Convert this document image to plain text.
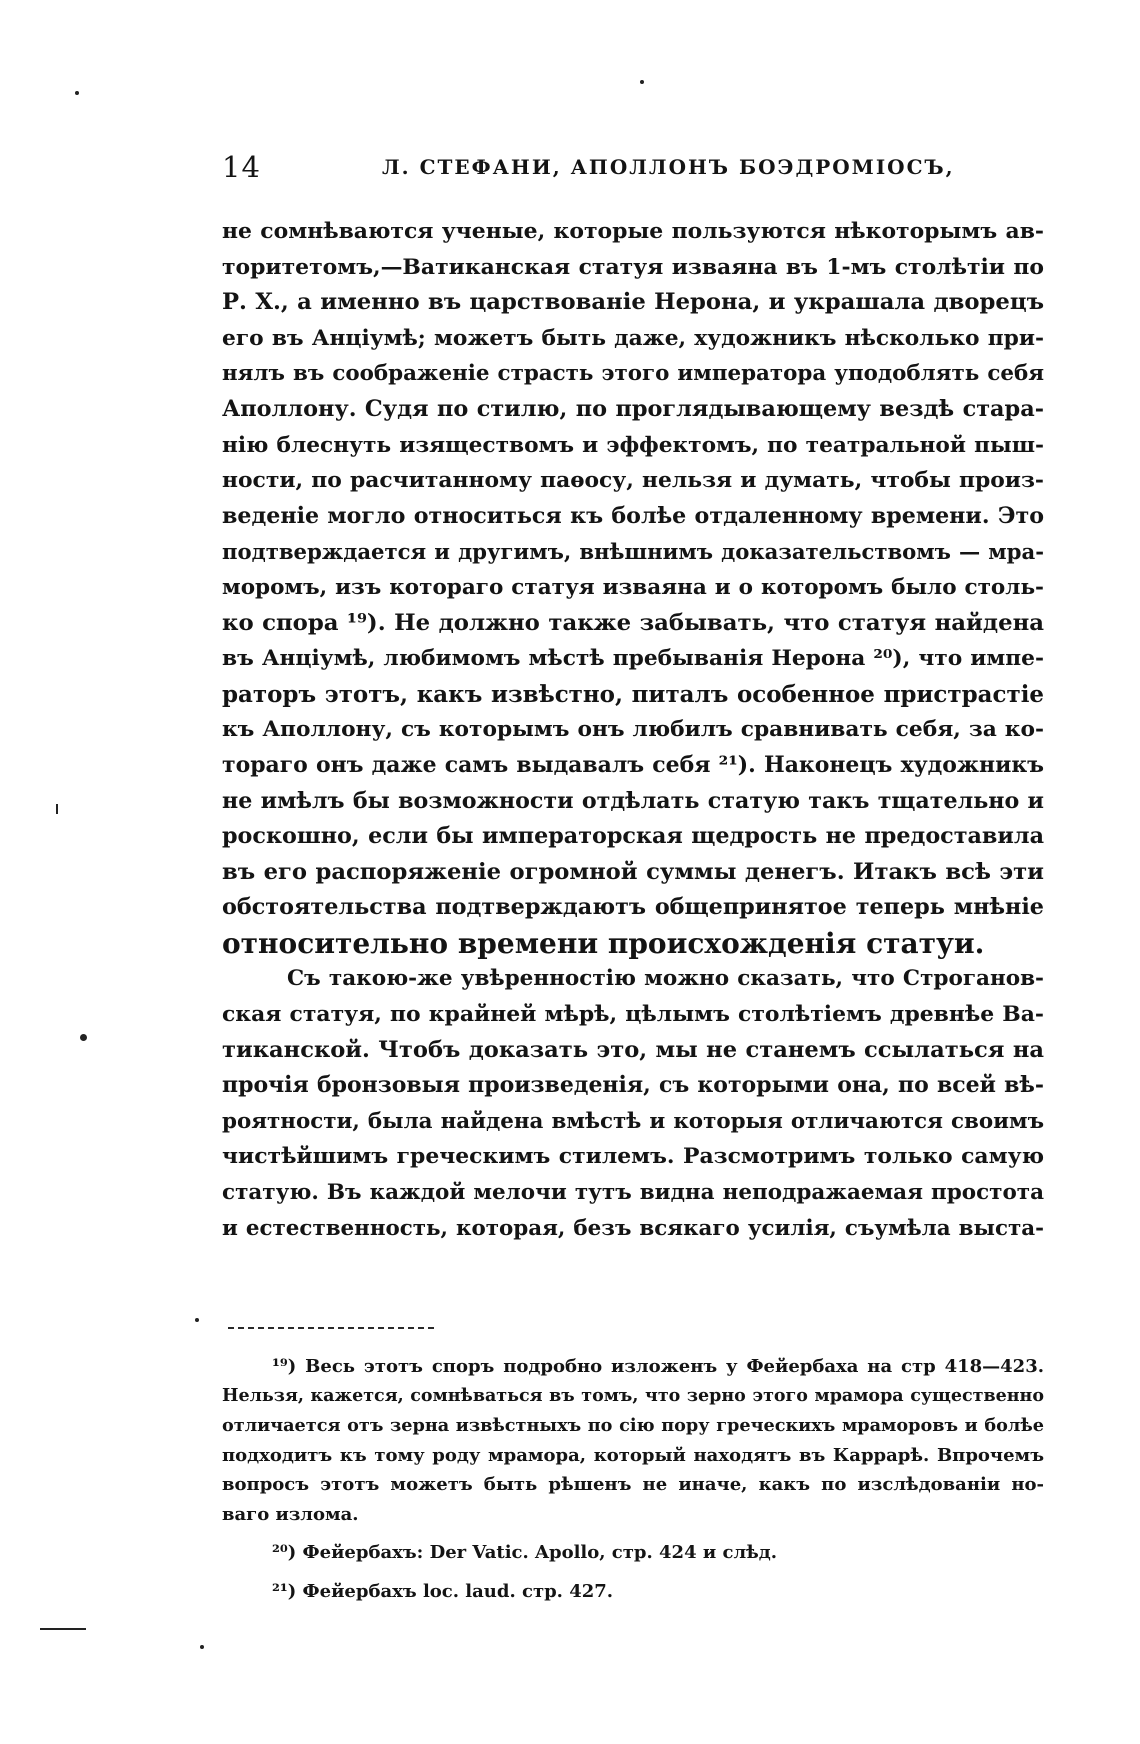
14	Л. СТЕФАНИ, АПОЛЛОНЪ БОЭДРОМІОСЪ,
не сомнѣваются ученые, которые пользуются нѣкоторымъ ав-
торитетомъ,—Ватиканская статуя изваяна въ 1-мъ столѣтіи по
Р. Х., а именно въ царствованіе Нерона, и украшала дворецъ
его въ Анціумѣ; можетъ быть даже, художникъ нѣсколько при-
нялъ въ соображеніе страсть этого императора уподоблять себя
Аполлону. Судя по стилю, по проглядывающему вездѣ стара-
нію блеснуть изяществомъ и эффектомъ, по театральной пыш-
ности, по расчитанному паѳосу, нельзя и думать, чтобы произ-
веденіе могло относиться къ болѣе отдаленному времени. Это
подтверждается и другимъ, внѣшнимъ доказательствомъ — мра-
моромъ, изъ котораго статуя изваяна и о которомъ было столь-
ко спора ¹⁹). Не должно также забывать, что статуя найдена
въ Анціумѣ, любимомъ мѣстѣ пребыванія Нерона ²⁰), что импе-
раторъ этотъ, какъ извѣстно, питалъ особенное пристрастіе
къ Аполлону, съ которымъ онъ любилъ сравнивать себя, за ко-
тораго онъ даже самъ выдавалъ себя ²¹). Наконецъ художникъ
не имѣлъ бы возможности отдѣлать статую такъ тщательно и
роскошно, если бы императорская щедрость не предоставила
въ его распоряженіе огромной суммы денегъ. Итакъ всѣ эти
обстоятельства подтверждаютъ общепринятое теперь мнѣніе
относительно времени происхожденія статуи.
Съ такою-же увѣренностію можно сказать, что Строганов-
ская статуя, по крайней мѣрѣ, цѣлымъ столѣтіемъ древнѣе Ва-
тиканской. Чтобъ доказать это, мы не станемъ ссылаться на
прочія бронзовыя произведенія, съ которыми она, по всей вѣ-
роятности, была найдена вмѣстѣ и которыя отличаются своимъ
чистѣйшимъ греческимъ стилемъ. Разсмотримъ только самую
статую. Въ каждой мелочи тутъ видна неподражаемая простота
и естественность, которая, безъ всякаго усилія, съумѣла выста-
¹⁹) Весь этотъ споръ подробно изложенъ у Фейербаха на стр 418—423.
Нельзя, кажется, сомнѣваться въ томъ, что зерно этого мрамора существенно
отличается отъ зерна извѣстныхъ по сію пору греческихъ мраморовъ и болѣе
подходитъ къ тому роду мрамора, который находятъ въ Каррарѣ. Впрочемъ
вопросъ этотъ можетъ быть рѣшенъ не иначе, какъ по изслѣдованіи но-
ваго излома.
²⁰) Фейербахъ: Der Vatic. Apollo, стр. 424 и слѣд.
²¹) Фейербахъ loc. laud. стр. 427.
